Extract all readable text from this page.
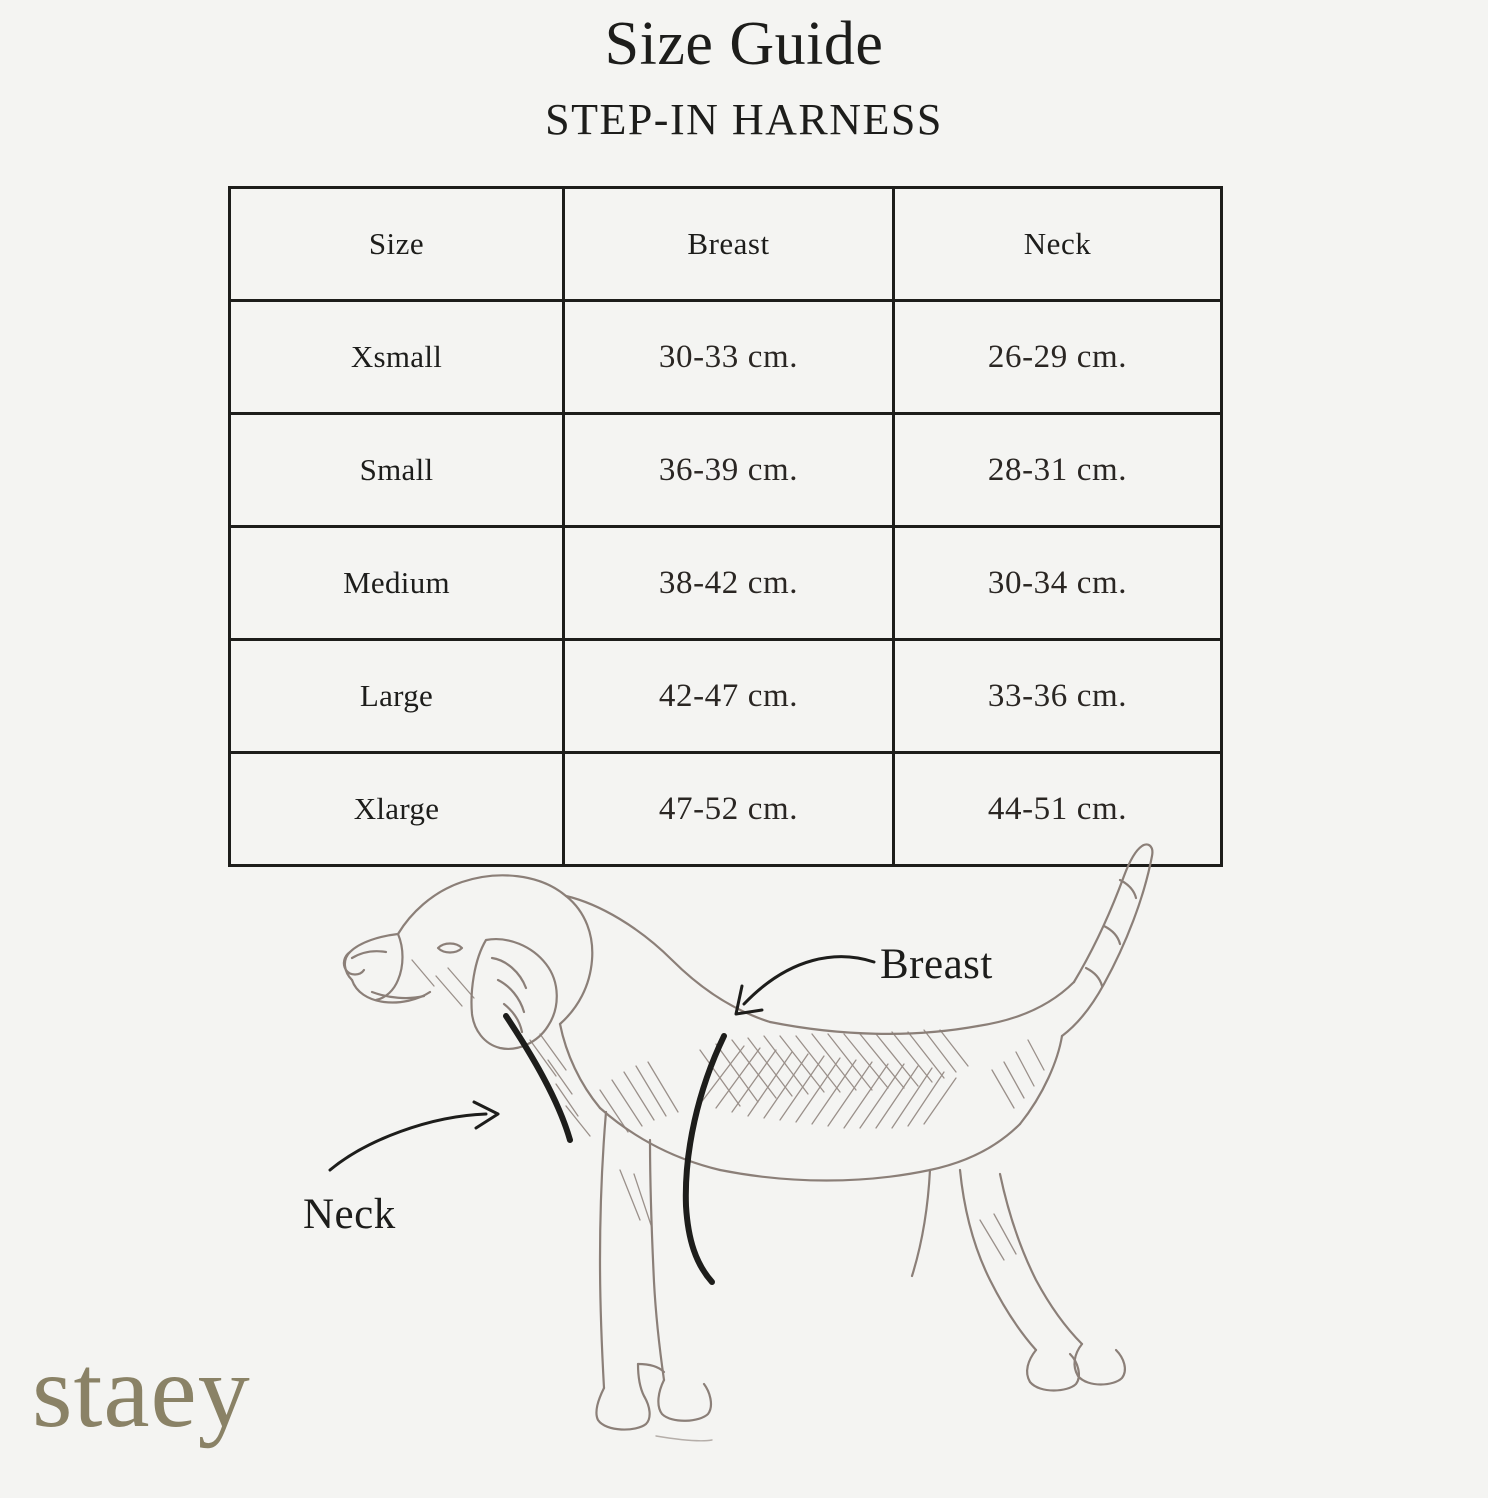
Size Guide
STEP-IN HARNESS
Size	Breast	Neck
Xsmall	30-33 cm.	26-29 cm.
Small	36-39 cm.	28-31 cm.
Medium	38-42 cm.	30-34 cm.
Large	42-47 cm.	33-36 cm.
Xlarge	47-52 cm.	44-51 cm.
Breast
Neck
staey
